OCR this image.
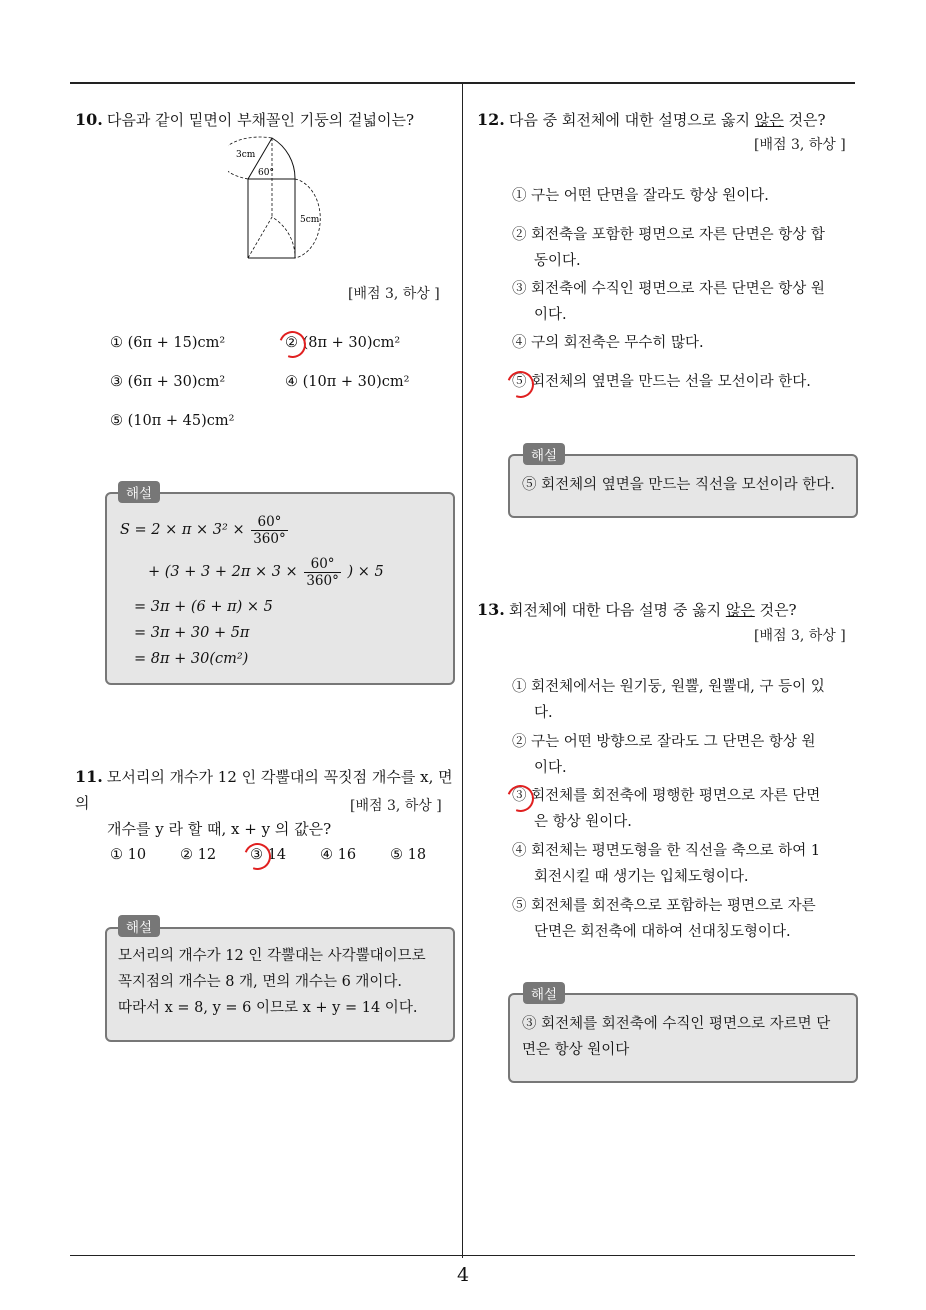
10. 다음과 같이 밑면이 부채꼴인 기둥의 겉넓이는?
3cm
60°
5cm
[배점 3, 하상 ]
① (6π + 15)cm²	② (8π + 30)cm²
③ (6π + 30)cm²	④ (10π + 30)cm²
⑤ (10π + 45)cm²
해설
$S = 2 \times \pi \times 3^2 \times \frac{60^\circ}{360^\circ}$
+ ($3 + 3 + 2\pi \times 3 \times \frac{60^\circ}{360^\circ}$ ) × 5
= 3π + (6 + π) × 5
= 3π + 30 + 5π
= 8π + 30(cm²)
11. 모서리의 개수가 12 인 각뿔대의 꼭짓점 개수를 x, 면의
개수를 y 라 할 때, x + y 의 값은?
[배점 3, 하상 ]
① 10 ② 12 ③ 14 ④ 16 ⑤ 18
해설
모서리의 개수가 12 인 각뿔대는 사각뿔대이므로
꼭지점의 개수는 8 개, 면의 개수는 6 개이다.
따라서 x = 8, y = 6 이므로 x + y = 14 이다.
12. 다음 중 회전체에 대한 설명으로 옳지 않은 것은?
[배점 3, 하상 ]
① 구는 어떤 단면을 잘라도 항상 원이다.
② 회전축을 포함한 평면으로 자른 단면은 항상 합
동이다.
③ 회전축에 수직인 평면으로 자른 단면은 항상 원
이다.
④ 구의 회전축은 무수히 많다.
⑤ 회전체의 옆면을 만드는 선을 모선이라 한다.
해설
⑤ 회전체의 옆면을 만드는 직선을 모선이라 한다.
13. 회전체에 대한 다음 설명 중 옳지 않은 것은?
[배점 3, 하상 ]
① 회전체에서는 원기둥, 원뿔, 원뿔대, 구 등이 있
다.
② 구는 어떤 방향으로 잘라도 그 단면은 항상 원
이다.
③ 회전체를 회전축에 평행한 평면으로 자른 단면
은 항상 원이다.
④ 회전체는 평면도형을 한 직선을 축으로 하여 1
회전시킬 때 생기는 입체도형이다.
⑤ 회전체를 회전축으로 포함하는 평면으로 자른
단면은 회전축에 대하여 선대칭도형이다.
해설
③ 회전체를 회전축에 수직인 평면으로 자르면 단
면은 항상 원이다
4
